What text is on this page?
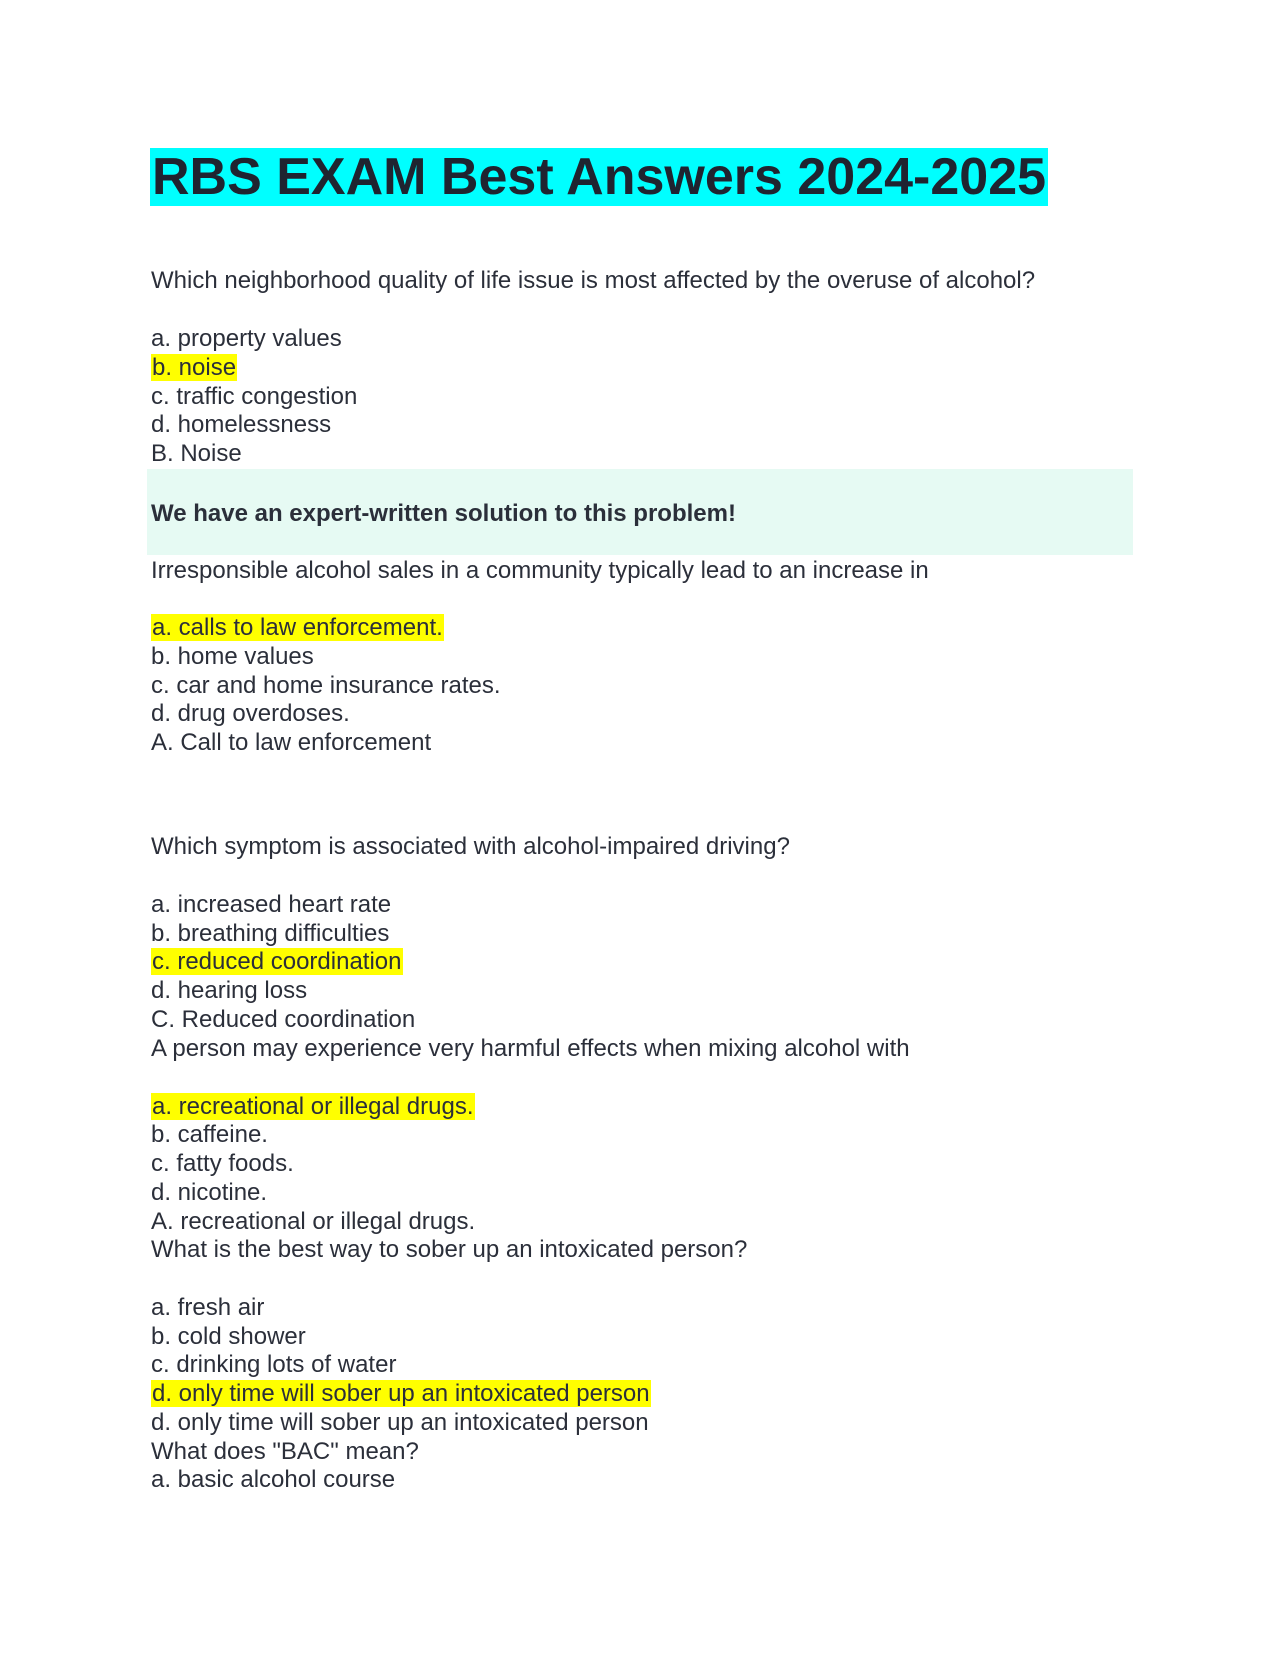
RBS EXAM Best Answers 2024-2025
Which neighborhood quality of life issue is most affected by the overuse of alcohol?
a. property values
b. noise
c. traffic congestion
d. homelessness
B. Noise
We have an expert-written solution to this problem!
Irresponsible alcohol sales in a community typically lead to an increase in
a. calls to law enforcement.
b. home values
c. car and home insurance rates.
d. drug overdoses.
A. Call to law enforcement
Which symptom is associated with alcohol-impaired driving?
a. increased heart rate
b. breathing difficulties
c. reduced coordination
d. hearing loss
C. Reduced coordination
A person may experience very harmful effects when mixing alcohol with
a. recreational or illegal drugs.
b. caffeine.
c. fatty foods.
d. nicotine.
A. recreational or illegal drugs.
What is the best way to sober up an intoxicated person?
a. fresh air
b. cold shower
c. drinking lots of water
d. only time will sober up an intoxicated person
d. only time will sober up an intoxicated person
What does "BAC" mean?
a. basic alcohol course
